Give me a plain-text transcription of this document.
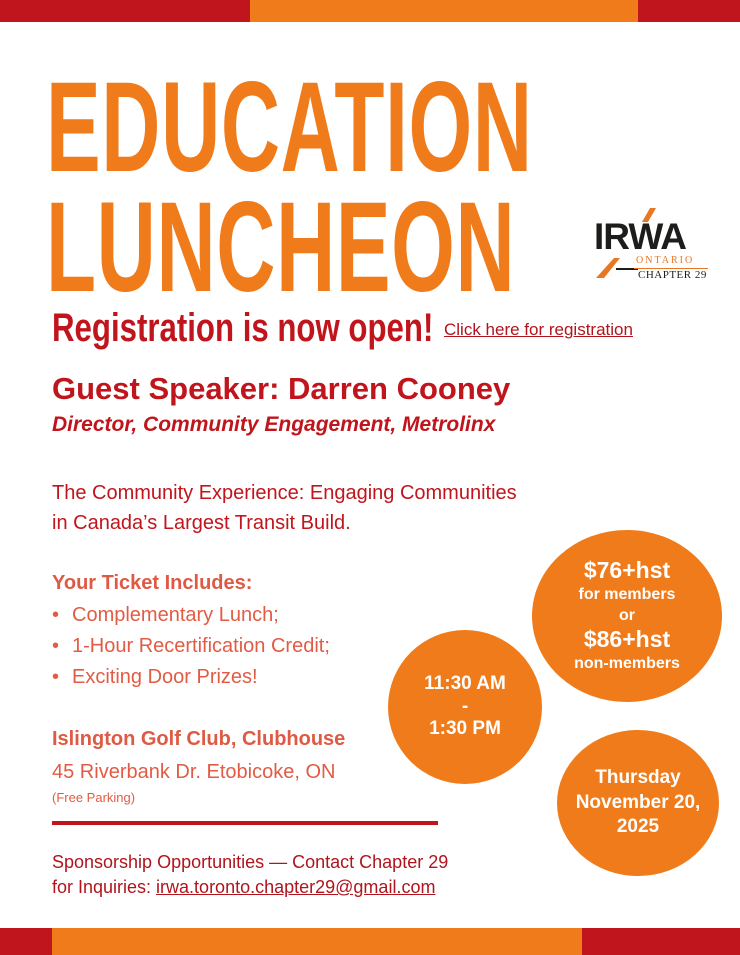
EDUCATION
LUNCHEON IRWA
ONTARIO
CHAPTER 29
Registration is now open! Click here for registration
Guest Speaker: Darren Cooney
Director, Community Engagement, Metrolinx
The Community Experience: Engaging Communities
in Canada’s Largest Transit Build.
Your Ticket Includes:
• Complementary Lunch;
• 1-Hour Recertification Credit;
• Exciting Door Prizes!
Islington Golf Club, Clubhouse
45 Riverbank Dr. Etobicoke, ON
(Free Parking)
Sponsorship Opportunities — Contact Chapter 29
for Inquiries: irwa.toronto.chapter29@gmail.com
$76+hst
for members
or
$86+hst
non-members
11:30 AM
-
1:30 PM
Thursday
November 20,
2025
